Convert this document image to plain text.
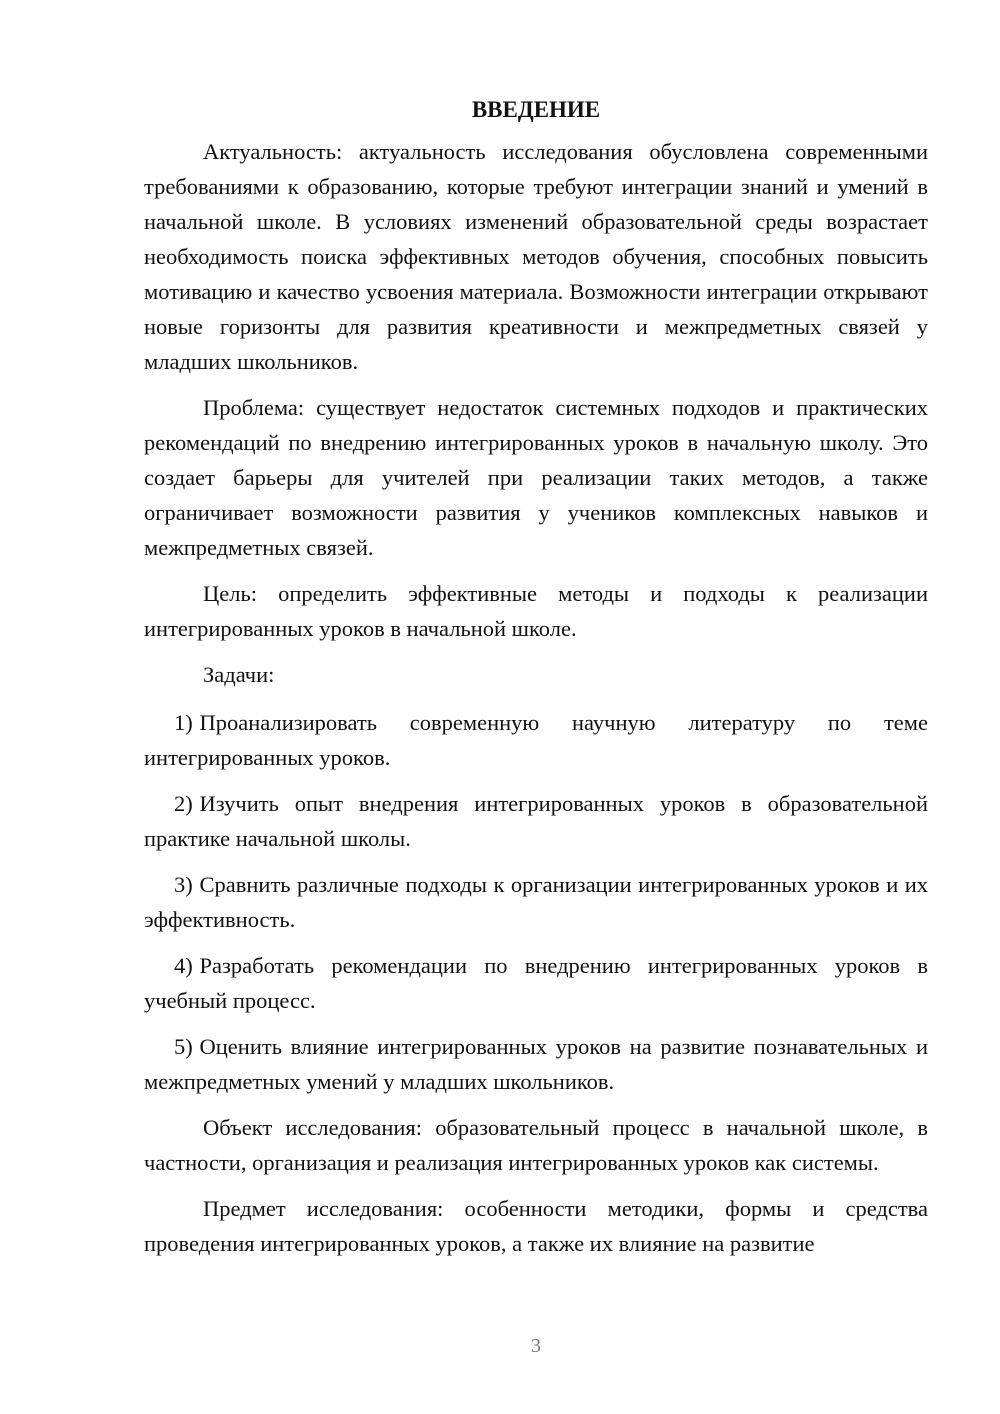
ВВЕДЕНИЕ

Актуальность: актуальность исследования обусловлена современными требованиями к образованию, которые требуют интеграции знаний и умений в начальной школе. В условиях изменений образовательной среды возрастает необходимость поиска эффективных методов обучения, способных повысить мотивацию и качество усвоения материала. Возможности интеграции открывают новые горизонты для развития креативности и межпредметных связей у младших школьников.

Проблема: существует недостаток системных подходов и практических рекомендаций по внедрению интегрированных уроков в начальную школу. Это создает барьеры для учителей при реализации таких методов, а также ограничивает возможности развития у учеников комплексных навыков и межпредметных связей.

Цель: определить эффективные методы и подходы к реализации интегрированных уроков в начальной школе.

Задачи:

1) Проанализировать современную научную литературу по теме интегрированных уроков.

2) Изучить опыт внедрения интегрированных уроков в образовательной практике начальной школы.

3) Сравнить различные подходы к организации интегрированных уроков и их эффективность.

4) Разработать рекомендации по внедрению интегрированных уроков в учебный процесс.

5) Оценить влияние интегрированных уроков на развитие познавательных и межпредметных умений у младших школьников.

Объект исследования: образовательный процесс в начальной школе, в частности, организация и реализация интегрированных уроков как системы.

Предмет исследования: особенности методики, формы и средства проведения интегрированных уроков, а также их влияние на развитие

3
